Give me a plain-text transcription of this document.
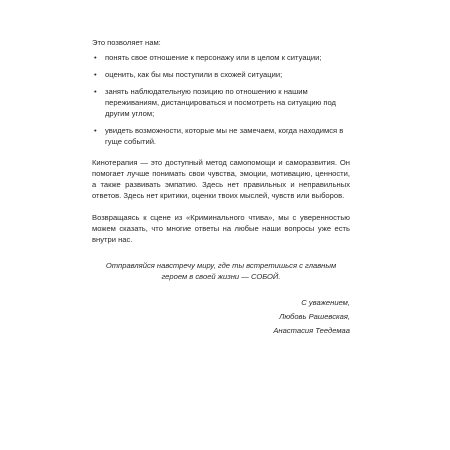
Это позволяет нам:

• понять свое отношение к персонажу или в целом к ситуации;
• оценить, как бы мы поступили в схожей ситуации;
• занять наблюдательную позицию по отношению к нашим переживаниям, дистанцироваться и посмотреть на ситуацию под другим углом;
• увидеть возможности, которые мы не замечаем, когда находимся в гуще событий.

Кинотерапия — это доступный метод самопомощи и саморазвития. Он помогает лучше понимать свои чувства, эмоции, мотивацию, ценности, а также развивать эмпатию. Здесь нет правильных и неправильных ответов. Здесь нет критики, оценки твоих мыслей, чувств или выборов.

Возвращаясь к сцене из «Криминального чтива», мы с уверенностью можем сказать, что многие ответы на любые наши вопросы уже есть внутри нас.

Отправляйся навстречу миру, где ты встретишься с главным героем в своей жизни — СОБОЙ.

С уважением,
Любовь Рашевская,
Анастасия Теедемаа
